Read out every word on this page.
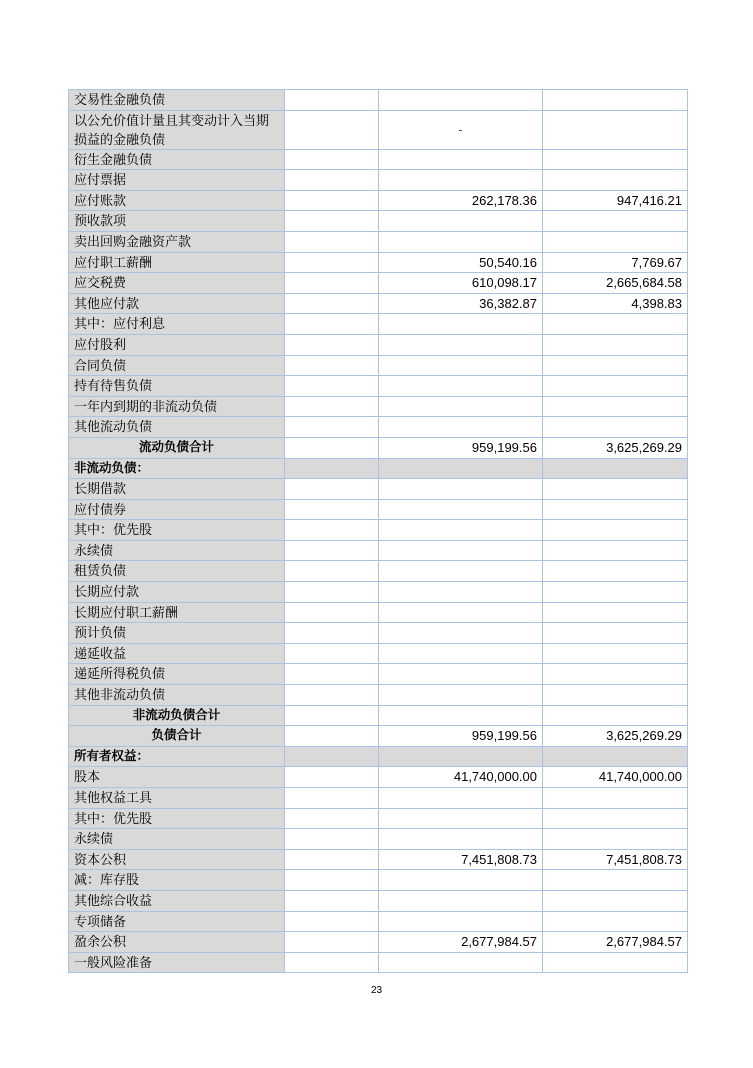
交易性金融负债			
以公允价值计量且其变动计入当期损益的金融负债		-	
衍生金融负债			
应付票据			
应付账款		262,178.36	947,416.21
预收款项			
卖出回购金融资产款			
应付职工薪酬		50,540.16	7,769.67
应交税费		610,098.17	2,665,684.58
其他应付款		36,382.87	4,398.83
其中：应付利息			
应付股利			
合同负债			
持有待售负债			
一年内到期的非流动负债			
其他流动负债			
流动负债合计		959,199.56	3,625,269.29
非流动负债：			
长期借款			
应付债券			
其中：优先股			
永续债			
租赁负债			
长期应付款			
长期应付职工薪酬			
预计负债			
递延收益			
递延所得税负债			
其他非流动负债			
非流动负债合计			
负债合计		959,199.56	3,625,269.29
所有者权益：			
股本		41,740,000.00	41,740,000.00
其他权益工具			
其中：优先股			
永续债			
资本公积		7,451,808.73	7,451,808.73
减：库存股			
其他综合收益			
专项储备			
盈余公积		2,677,984.57	2,677,984.57
一般风险准备			
23
